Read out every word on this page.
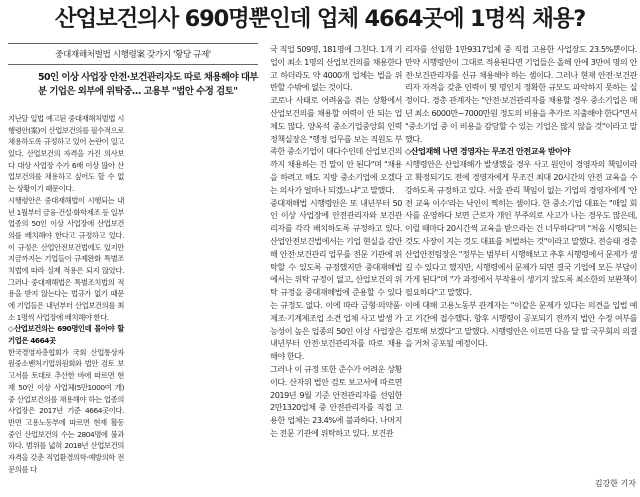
산업보건의사 690명뿐인데 업체 4664곳에 1명씩 채용?
중대재해처벌법 시행령案 갖가지 '황당 규제'
50인 이상 사업장 안전·보건관리자도 따로 채용해야 대부분 기업은 외부에 위탁중… 고용부 "법안 수정 검토"

지난달 입법 예고된 중대재해처벌법 시행령안(案)이 산업보건의를 필수적으로 채용하도록 규정하고 있어 논란이 일고 있다. 산업보건의 자격을 가진 의사보다 대상 사업장 수가 6배 이상 많아 산업보건의를 채용하고 싶어도 할 수 없는 상황이기 때문이다.

시행령안은 중대재해법이 시행되는 내년 1월부터 금융·건설·화학제조 등 일부 업종의 50인 이상 사업장에 산업보건의를 배치해야 한다고 규정하고 있다. 이 규정은 산업안전보건법에도 있지만 지금까지는 기업들이 규제완화 특별조치법에 따라 실제 적용은 되지 않았다. 그러나 중대재해법은 특별조치법의 적용을 받지 않는다는 법규가 없기 때문에 기업들은 내년부터 산업보건의를 최소 1명씩 사업장에 배치해야 한다.

◇산업보건의는 690명인데 몰아야 할 기업은 4664곳

한국경영자총협회가 국회 산업통상자원중소벤처기업위원회와 법안 검토 보고서를 토대로 추산한 바에 따르면 현재 50인 이상 사업체(5만1000여 개) 중 산업보건의를 채용해야 하는 업종의 사업장은 2017년 기준 4664곳이다. 반면 고용노동부에 따르면 현재 활동 중인 산업보건의 수는 2804명에 불과하다. 범위를 넓혀 2018년 산업보건의 자격을 갖춘 직업환경의학·예방의학 전문의를 다

국 직업 509명, 181명에 그친다. 1개 기업이 최소 1명의 산업보건의를 채용한다고 하더라도 약 4000개 업체는 법을 위반할 수밖에 없는 것이다.
코로나 사태로 어려움을 겪는 상황에서 산업보건의를 채용할 여력이 안 되는 업체도 많다. 양옥석 중소기업중앙회 인력정책실장은 "행정 업무를 보는 직원도 부족한 중소기업이 대다수인데 산업보건의까지 채용하는 건 말이 안 된다"며 "채용을 하려고 해도 지방 중소기업에 오겠다는 의사가 얼마나 되겠느냐"고 말했다.
중대재해법 시행령안은 또 내년부터 50인 이상 사업장에 안전관리자와 보건관리자를 각각 배치하도록 규정하고 있다. 산업안전보건법에서는 기업 현실을 감안해 안전·보건관리 업무를 전문 기관에 위탁할 수 있도록 규정했지만 중대재해법에서는 위탁 규정이 없고, 산업보건의 위탁 규정을 중대재해법에 준용할 수 있다는 규정도 없다. 이에 따라 금형·의약품·제조·기계제조업 소견 업체 사고 발생 가능성이 높은 업종의 50인 이상 사업장은 내년부터 안전·보건관리자를 따로 채용해야 한다.
그러나 이 규정 또한 준수가 어려운 상황이다. 산자위 법안 검토 보고서에 따르면 2019년 9월 기준 안전관리자를 선임한 2만1320업체 중 안전관리자를 직접 고용한 업체는 23.4%에 불과하다. 나머지는 전문 기관에 위탁하고 있다. 보건관

리자를 선임한 1만9317업체 중 직접 고용한 사업장도 23.5%뿐이다. 만약 시행령안이 그대로 적용된다면 기업들은 올해 안에 3만여 명의 안전·보건관리자를 신규 채용해야 하는 셈이다. 그러나 현재 안전·보건관리자 자격을 갖춘 인력이 몇 명인지 정확한 규모도 파악하지 못하는 실정이다. 경총 관계자는 "안전·보건관리자를 채용할 경우 중소기업은 매년 최소 6000만~7000만원 정도의 비용을 추가로 지출해야 한다"면서 "중소기업 중 이 비용을 감당할 수 있는 기업은 많지 않을 것"이라고 말했다.

◇산업재해 나면 경영자는 무조건 안전교육 받아야

시행령안은 산업재해가 발생했을 경우 사고 원인이 경영자의 책임이라고 확정되기도 전에 경영자에게 무조건 최대 20시간의 안전 교육을 수강하도록 규정하고 있다. 서울 관리 책임이 없는 기업의 경영자에게 '안전 교육 이수'라는 낙인이 찍히는 셈이다. 한 중소기업 대표는 "매일 회사를 운영하다 보면 근로자 개인 부주의로 사고가 나는 경우도 많은데, 이럴 때마다 20시간씩 교육을 받으라는 건 너무하다"며 "처음 시행되는 것도 사장이 지는 것도 대표를 처벌하는 것"이라고 말했다. 전승태 경총 산업안전팀장은 "정부는 범부터 시행해보고 추후 시행령에서 문제가 생길 수 있다고 했지만, 시행령에서 문제가 되면 결국 기업에 모든 부담이 가게 된다"며 "가 과정에서 부작용이 생기지 않도록 최소한의 보완책이 필요하다"고 말했다.

이에 대해 고용노동부 관계자는 "이같은 문제가 있다는 의견을 입법 예고 기간에 접수했다. 향후 시행령이 공포되기 전까지 법안 수정 여부를 검토해 보겠다"고 말했다. 시행령안은 이르면 다음 달 말 국무회의 의결을 거쳐 공포될 예정이다.

김강한 기자
